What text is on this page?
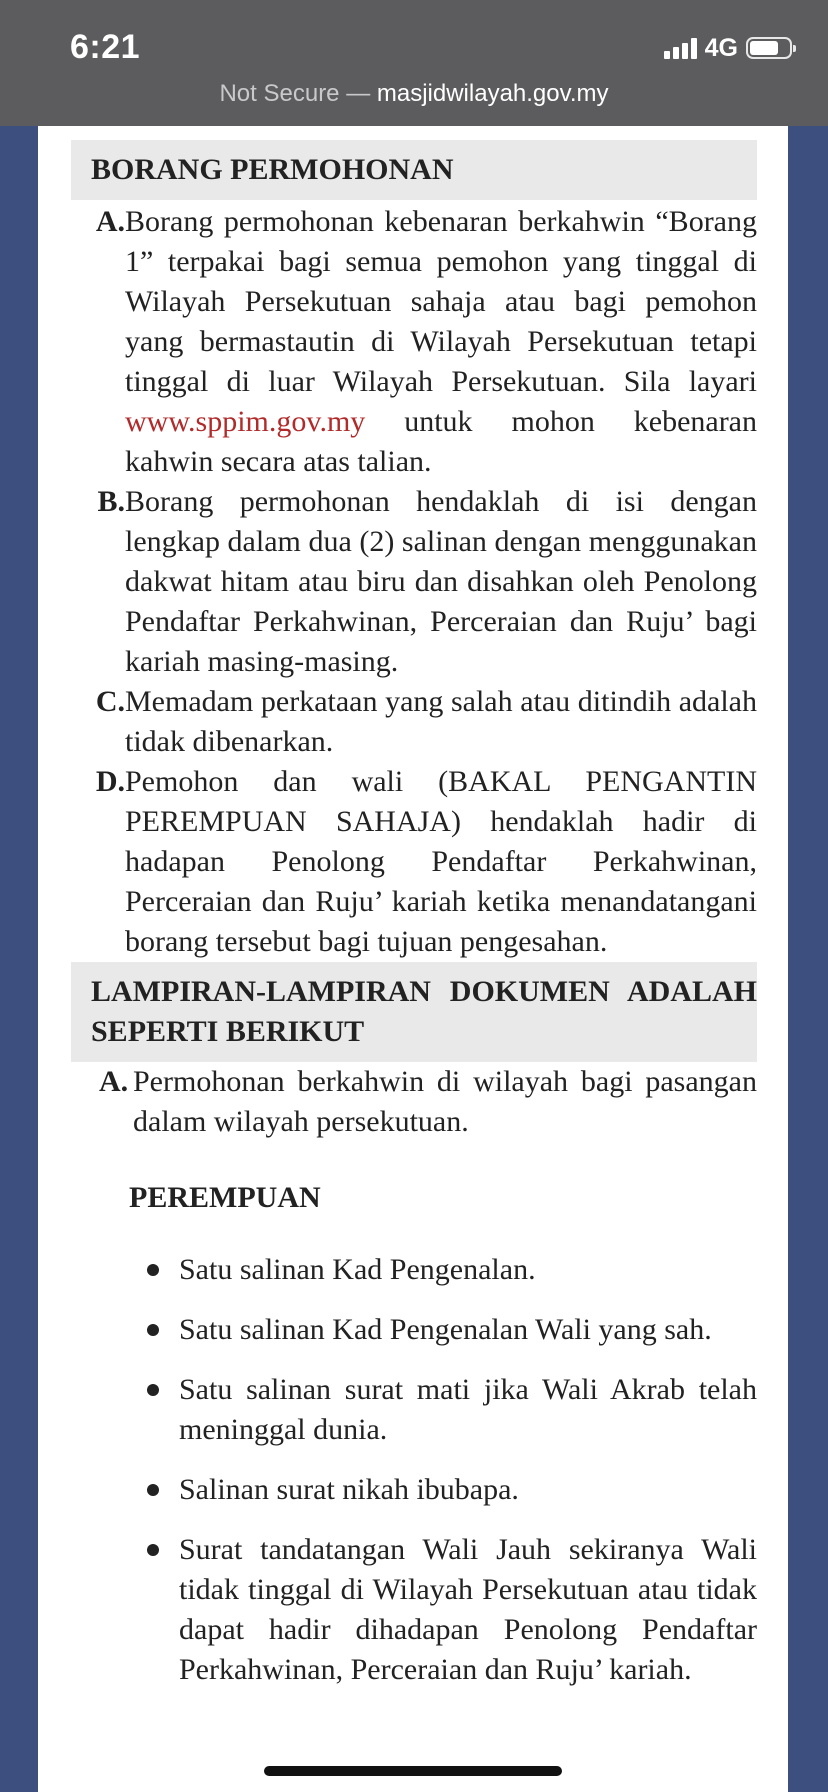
6:21	4G
Not Secure — masjidwilayah.gov.my
BORANG PERMOHONAN
A. Borang permohonan kebenaran berkahwin “Borang 1” terpakai bagi semua pemohon yang tinggal di Wilayah Persekutuan sahaja atau bagi pemohon yang bermastautin di Wilayah Persekutuan tetapi tinggal di luar Wilayah Persekutuan. Sila layari www.sppim.gov.my untuk mohon kebenaran kahwin secara atas talian.
B. Borang permohonan hendaklah di isi dengan lengkap dalam dua (2) salinan dengan menggunakan dakwat hitam atau biru dan disahkan oleh Penolong Pendaftar Perkahwinan, Perceraian dan Ruju’ bagi kariah masing-masing.
C. Memadam perkataan yang salah atau ditindih adalah tidak dibenarkan.
D. Pemohon dan wali (BAKAL PENGANTIN PEREMPUAN SAHAJA) hendaklah hadir di hadapan Penolong Pendaftar Perkahwinan, Perceraian dan Ruju’ kariah ketika menandatangani borang tersebut bagi tujuan pengesahan.
LAMPIRAN-LAMPIRAN DOKUMEN ADALAH SEPERTI BERIKUT
A. Permohonan berkahwin di wilayah bagi pasangan dalam wilayah persekutuan.
PEREMPUAN
Satu salinan Kad Pengenalan.
Satu salinan Kad Pengenalan Wali yang sah.
Satu salinan surat mati jika Wali Akrab telah meninggal dunia.
Salinan surat nikah ibubapa.
Surat tandatangan Wali Jauh sekiranya Wali tidak tinggal di Wilayah Persekutuan atau tidak dapat hadir dihadapan Penolong Pendaftar Perkahwinan, Perceraian dan Ruju’ kariah.
